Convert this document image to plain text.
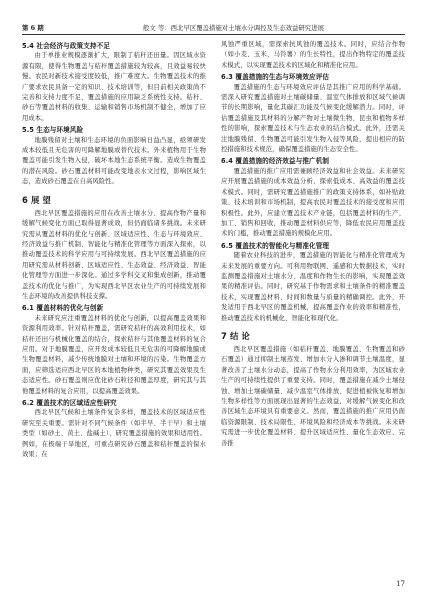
第 6 期	般文 等：西北早区覆盖措施对土壤水分调控及生态效益研究进展
5.4 社会经济与政策支持不足

由于单推业规模逐渐扩大，限制了秸秆还田量。因区域水资源有限，使得生物覆盖与秸秆覆盖措施较为较高，且效益易较快慢。农民对新技术接受度较低，推广难度大。生物覆盖技术的推广要求农民具备一定的知识、技术培训等，但目前相关政策尚不完善和支持力度不足，覆盖措施的应用缺乏系统性支持。秸秆、砂石等覆盖材料的收集、运输和销售市场机制不健全，增加了应用成本。

5.5 生态与环境风险

地膜残留对土壤和生态环境的负面影响日益凸显，亟须研发成本较低且无危害的可降解地膜或替代技术。外来植物用于生物覆盖可能引发生物入侵，破坏本地生态系统平衡。造成生物覆盖的潜在风险。砂石覆盖材料可能改变地表水文过程，影响区域生态，造成砂石覆盖在自高风险性。

6 展 望

西北早区覆盖措施的应用在改善土壤水分、提高作物产量和缓解气候变化方面已取得显著成效，但仍面临诸多挑战。未来研究需从覆盖材料的优化与创新、区域适应性、生态与环境效应、经济效益与推广机制、智能化与精准化管理等方面深入探索，以推动覆盖技术的科学应用与可持续发展。西北早区覆盖措施的应用研究需从材料创新、区域适应性、生态效益、经济效益、智能化管理等方面进一步深化。通过多学科交叉和集成创新，推动覆盖技术的优化与推广，为实现西北早区农业生产的可持续发展和生态环境的改善提供科技支撑。

6.1 覆盖材料的优化与创新

未来研究应注重覆盖材料的优化与创新，以提高覆盖效果和资源利用效率。针对秸秆覆盖，需研究秸秆的高效利用技术，如秸秆还田与机械化覆盖的结合，探索秸秆与其他覆盖材料的复合应用。对于地膜覆盖，应开发成本较低且无危害的可降解地膜或生物覆盖材料，减少传统地膜对土壤和环境的污染。生物覆盖方面，应筛选适应西北早区的本地植物种类，研究其覆盖效果及生态适应性。砂石覆盖则应优化砂石粒径和覆盖厚度，研究其与其他覆盖材料的复合应用，以提高覆盖效果。

6.2 覆盖技术的区域适应性研究

西北早区气候和土壤条件复杂多样，覆盖技术的区域适应性研究至关重要。需针对不同气候条件（如半早、半干早）和土壤类型（如砂土、黄土、盐碱土），研究覆盖措施的效果和适用性。例如，在极端干旱地区，可重点研究砂石覆盖和秸秆覆盖的保水效果；在

风蚀严重区域，需探索抗风蚀的覆盖技术。同时，应结合作物（如小麦、玉米、马铃薯）的生长特性，提出作物特定的覆盖技术模式，以实现覆盖技术的区域化和精准化应用。

6.3 覆盖措施的生态与环境效应评估

覆盖措施的生态与环境效应评估是其推广应用的科学基础。需深入研究覆盖措施对土壤碳储量、温室气体排放和区域气候调节的长期影响，量化其碳汇功能及气候变化缓解潜力。同时，评估覆盖措施及其材料的分解产物对土壤微生物、昆虫和植物多样性的影响，探索覆盖技术与生态农业的结合模式。此外，还需关注地膜残留、生物覆盖可能引发生物入侵等风险，提出相应的防控措施和技术规范，确保覆盖措施的生态安全性。

6.4 覆盖措施的经济效益与推广机制

覆盖措施的推广应用需兼顾经济效益和社会效益。未来研究应开展覆盖措施的成本效益分析，探索低成本、高效益的覆盖技术模式。同时，需研究覆盖措施推广的政策支持体系，如补贴政策、技术培训和市场机制，提高农民对覆盖技术的接受度和应用积极性。此外，应建立覆盖技术产业链，包括覆盖材料的生产、加工、销售和回收，推动覆盖材料供应等，降低农民应用覆盖技术的门槛，推动覆盖措施的规模化应用。

6.5 覆盖技术的智能化与精准化管理

随着农业科技的进步，覆盖措施的智能化与精准化管理成为未来发展的重要方向。可利用物联网、遥感和大数据技术，实时监测覆盖措施对土壤水分、温度和作物生长的影响，实现覆盖效果的精准评估。同时，研究基于作物需求和土壤条件的精准覆盖技术，实现覆盖材料、时间和数量与质量的精确调控。此外，开发适用于西北早区的覆盖机械，提高覆盖作业的效率和精准性，推动覆盖技术的机械化、智能化和现代化。

7 结 论

西北早区覆盖措施（如秸秆覆盖、地膜覆盖、生物覆盖和砂石覆盖）通过抑制土壤蒸发、增加水分入渗和调节土壤温度，显著改善了土壤水分动态，提高了作物水分利用效率，为区域农业生产的可持续性提供了重要支持。同时，覆盖措施在减少土壤侵蚀、增加土壤碳储量、减少温室气体排放、促进植被恢复和增加生物多样性等方面展现出显著的生态效益，对缓解气候变化和改善区域生态环境具有重要意义。然而，覆盖措施的推广应用仍面临资源限制、技术局限性、环境风险和经济成本等挑战。未来研究需进一步优化覆盖材料、提升区域适应性、量化生态效应、完善推

17
